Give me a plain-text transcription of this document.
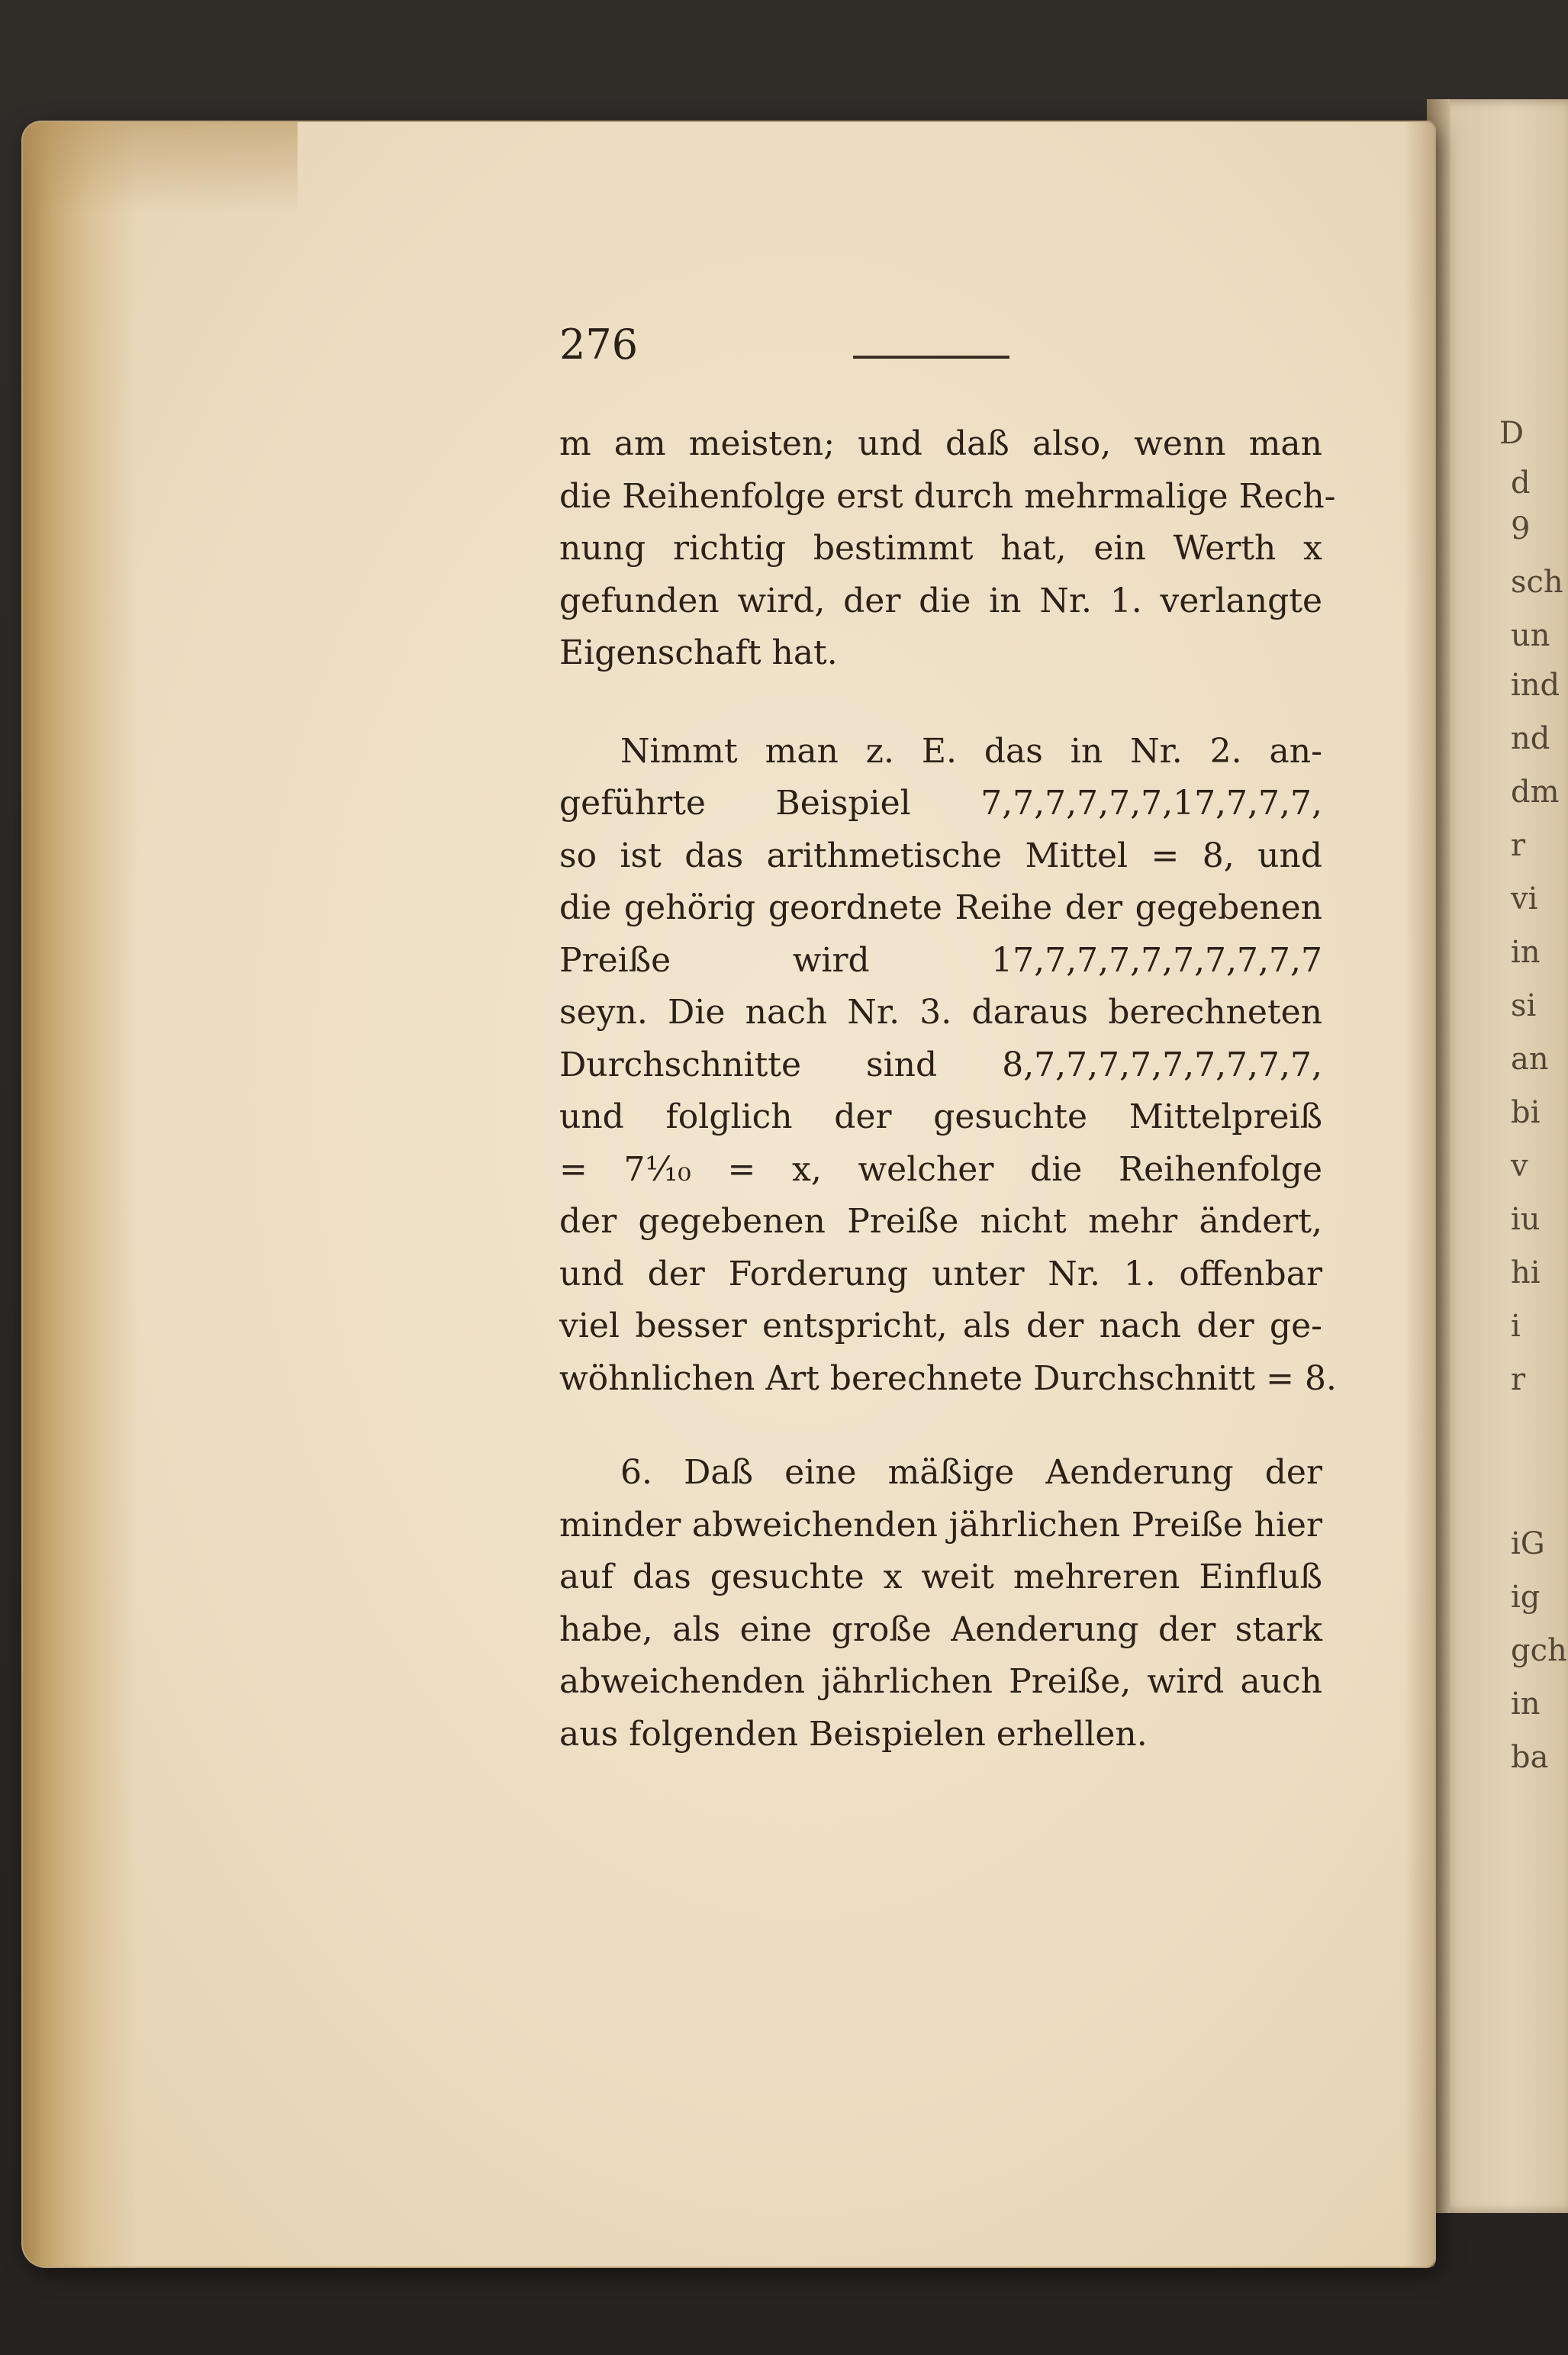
D
d
9
sch
un
ind
nd
dm
r
vi
in
si
an
bi
v
iu
hi
i
r
iG
ig
gch
in
ba
276
m am meisten; und daß also, wenn man
die Reihenfolge erst durch mehrmalige Rech-
nung richtig bestimmt hat, ein Werth x
gefunden wird, der die in Nr. 1. verlangte
Eigenschaft hat.
Nimmt man z. E. das in Nr. 2. an-
geführte Beispiel 7,7,7,7,7,7,17,7,7,7,
so ist das arithmetische Mittel = 8, und
die gehörig geordnete Reihe der gegebenen
Preiße wird 17,7,7,7,7,7,7,7,7,7
seyn. Die nach Nr. 3. daraus berechneten
Durchschnitte sind 8,7,7,7,7,7,7,7,7,7,
und folglich der gesuchte Mittelpreiß
= 7¹⁄₁₀ = x, welcher die Reihenfolge
der gegebenen Preiße nicht mehr ändert,
und der Forderung unter Nr. 1. offenbar
viel besser entspricht, als der nach der ge-
wöhnlichen Art berechnete Durchschnitt = 8.
6. Daß eine mäßige Aenderung der
minder abweichenden jährlichen Preiße hier
auf das gesuchte x weit mehreren Einfluß
habe, als eine große Aenderung der stark
abweichenden jährlichen Preiße, wird auch
aus folgenden Beispielen erhellen.
